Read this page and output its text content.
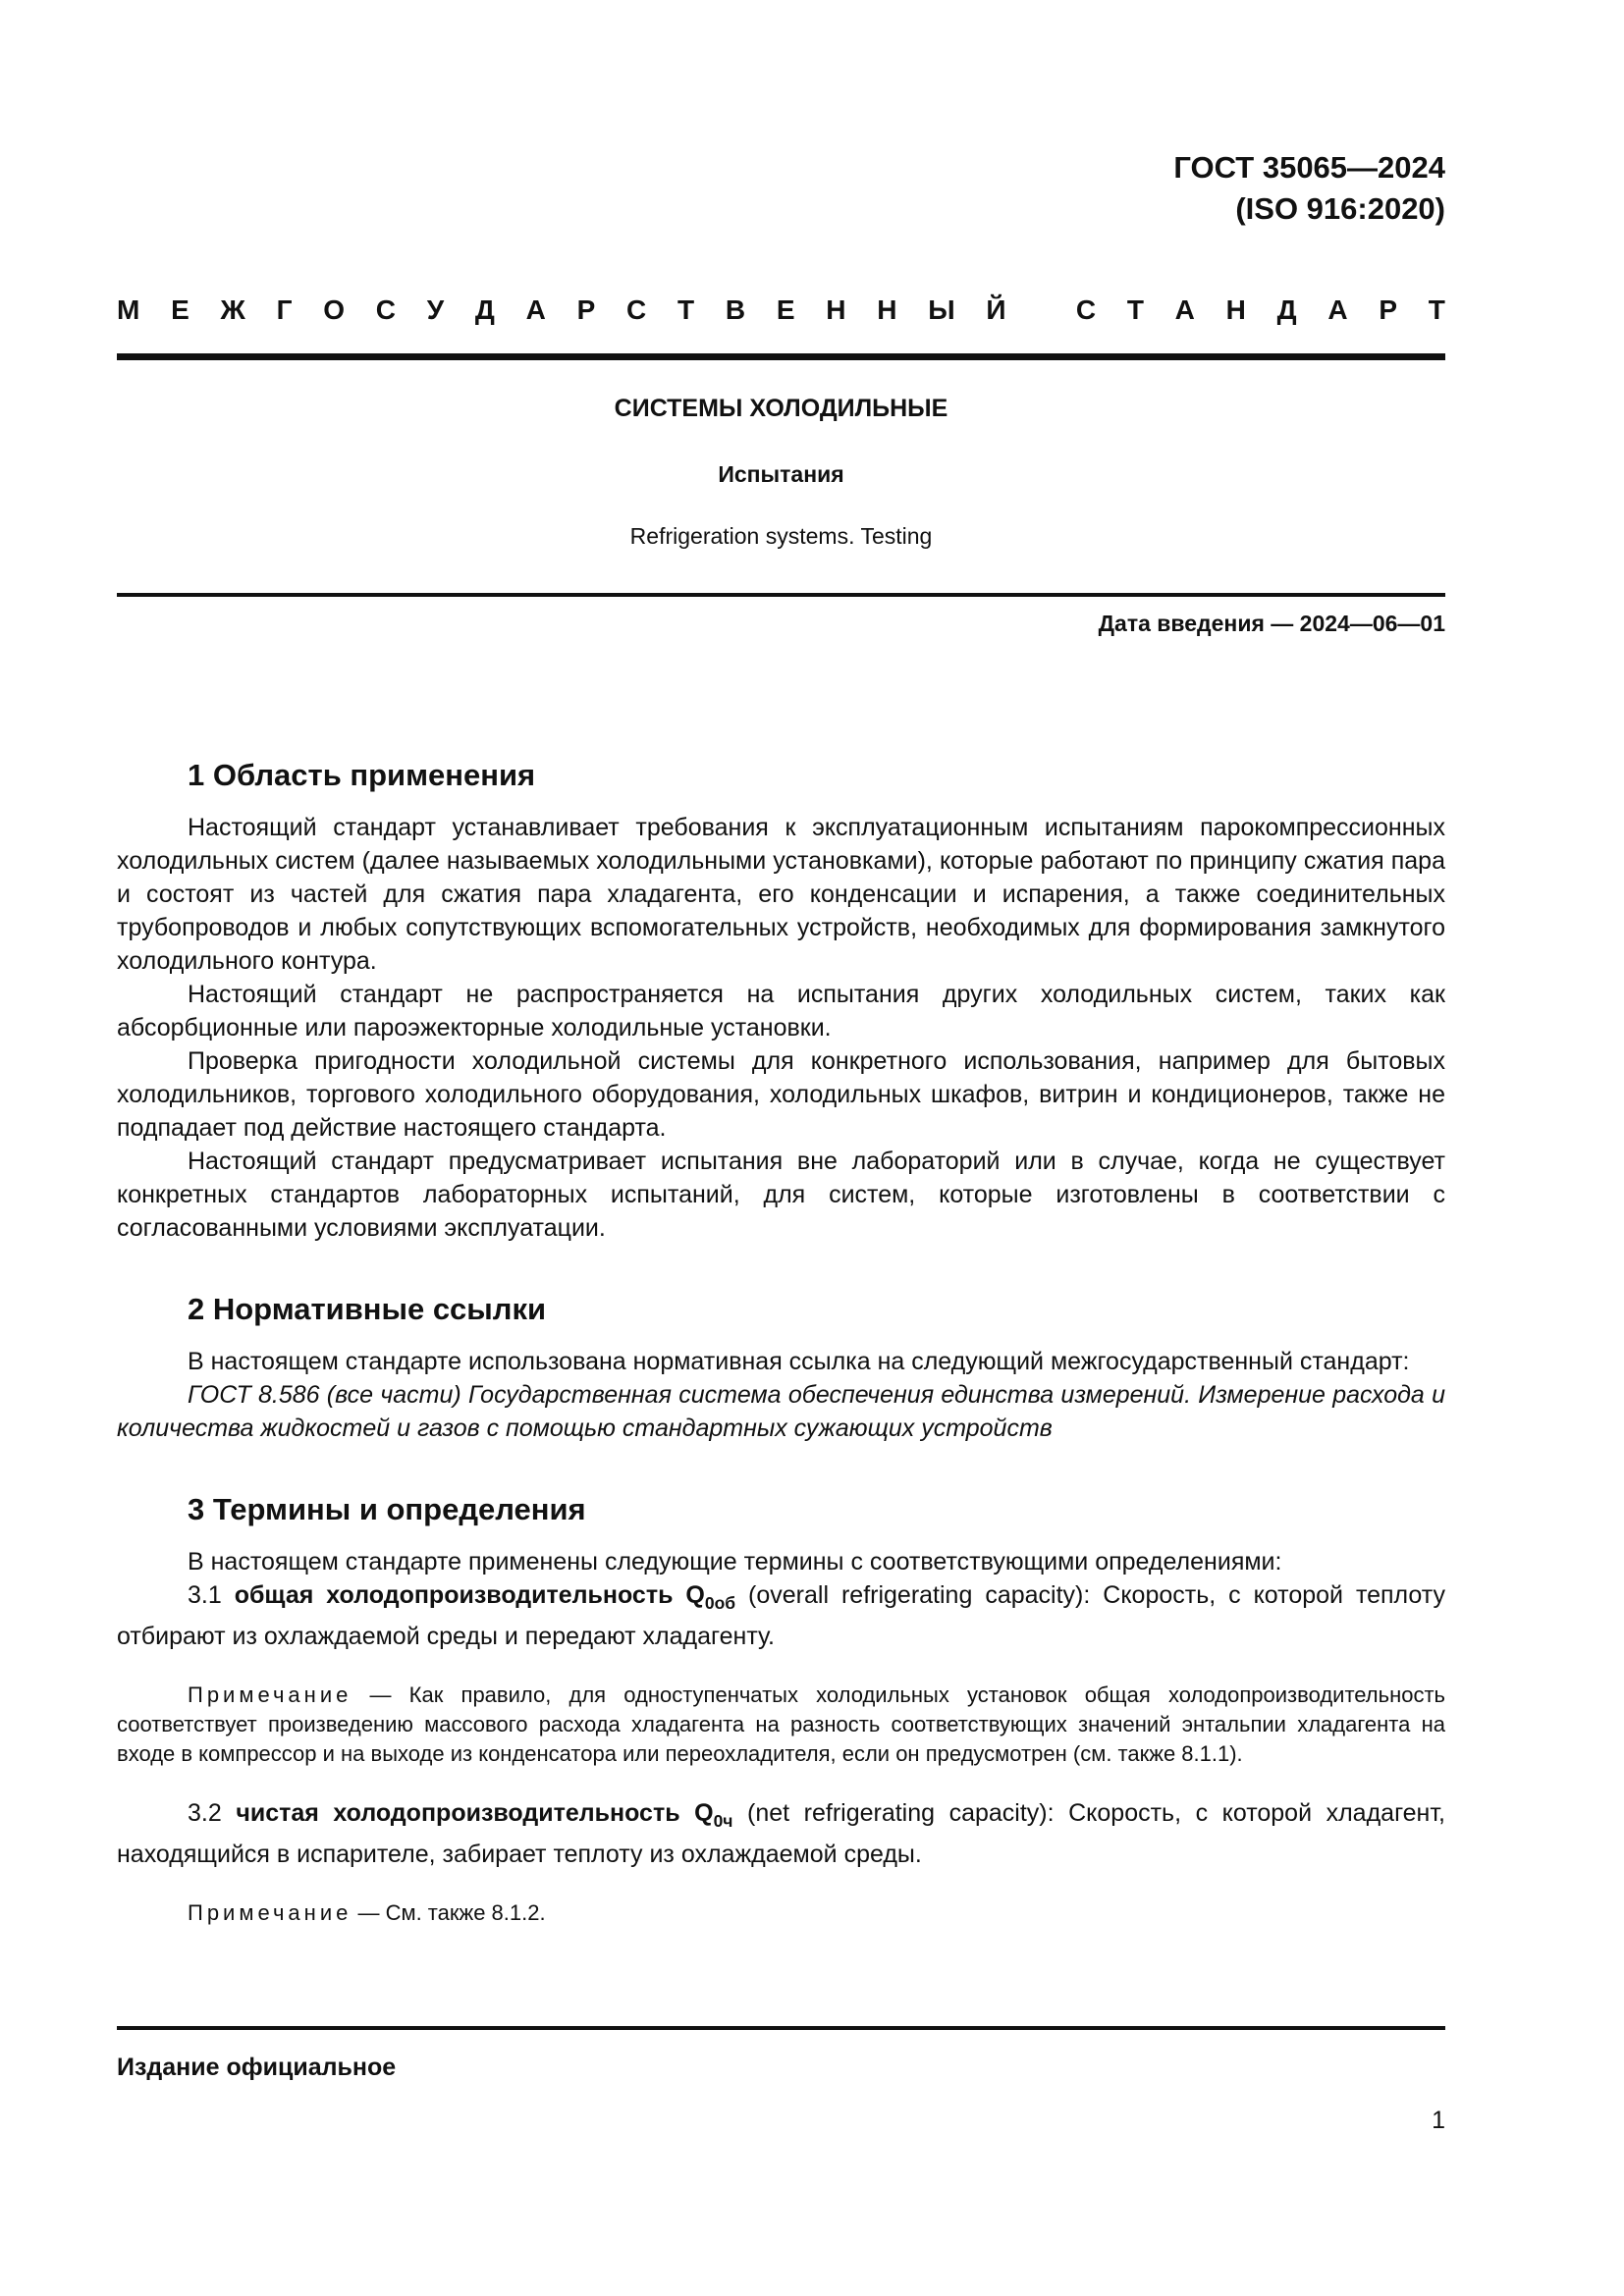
ГОСТ 35065—2024
(ISO 916:2020)
М Е Ж Г О С У Д А Р С Т В Е Н Н Ы Й
	С Т А Н Д А Р Т
СИСТЕМЫ ХОЛОДИЛЬНЫЕ
Испытания
Refrigeration systems. Testing
Дата введения — 2024—06—01
1 Область применения

Настоящий стандарт устанавливает требования к эксплуатационным испытаниям парокомпрессионных холодильных систем (далее называемых холодильными установками), которые работают по принципу сжатия пара и состоят из частей для сжатия пара хладагента, его конденсации и испарения, а также соединительных трубопроводов и любых сопутствующих вспомогательных устройств, необходимых для формирования замкнутого холодильного контура.

Настоящий стандарт не распространяется на испытания других холодильных систем, таких как абсорбционные или пароэжекторные холодильные установки.

Проверка пригодности холодильной системы для конкретного использования, например для бытовых холодильников, торгового холодильного оборудования, холодильных шкафов, витрин и кондиционеров, также не подпадает под действие настоящего стандарта.

Настоящий стандарт предусматривает испытания вне лабораторий или в случае, когда не существует конкретных стандартов лабораторных испытаний, для систем, которые изготовлены в соответствии с согласованными условиями эксплуатации.

2 Нормативные ссылки

В настоящем стандарте использована нормативная ссылка на следующий межгосударственный стандарт:

ГОСТ 8.586 (все части) Государственная система обеспечения единства измерений. Измерение расхода и количества жидкостей и газов с помощью стандартных сужающих устройств

3 Термины и определения

В настоящем стандарте применены следующие термины с соответствующими определениями:

3.1 общая холодопроизводительность $Q_{0об}$ (overall refrigerating capacity): Скорость, с которой теплоту отбирают из охлаждаемой среды и передают хладагенту.

Примечание — Как правило, для одноступенчатых холодильных установок общая холодопроизводительность соответствует произведению массового расхода хладагента на разность соответствующих значений энтальпии хладагента на входе в компрессор и на выходе из конденсатора или переохладителя, если он предусмотрен (см. также 8.1.1).

3.2 чистая холодопроизводительность $Q_{0ч}$ (net refrigerating capacity): Скорость, с которой хладагент, находящийся в испарителе, забирает теплоту из охлаждаемой среды.

Примечание — См. также 8.1.2.

Издание официальное
1
